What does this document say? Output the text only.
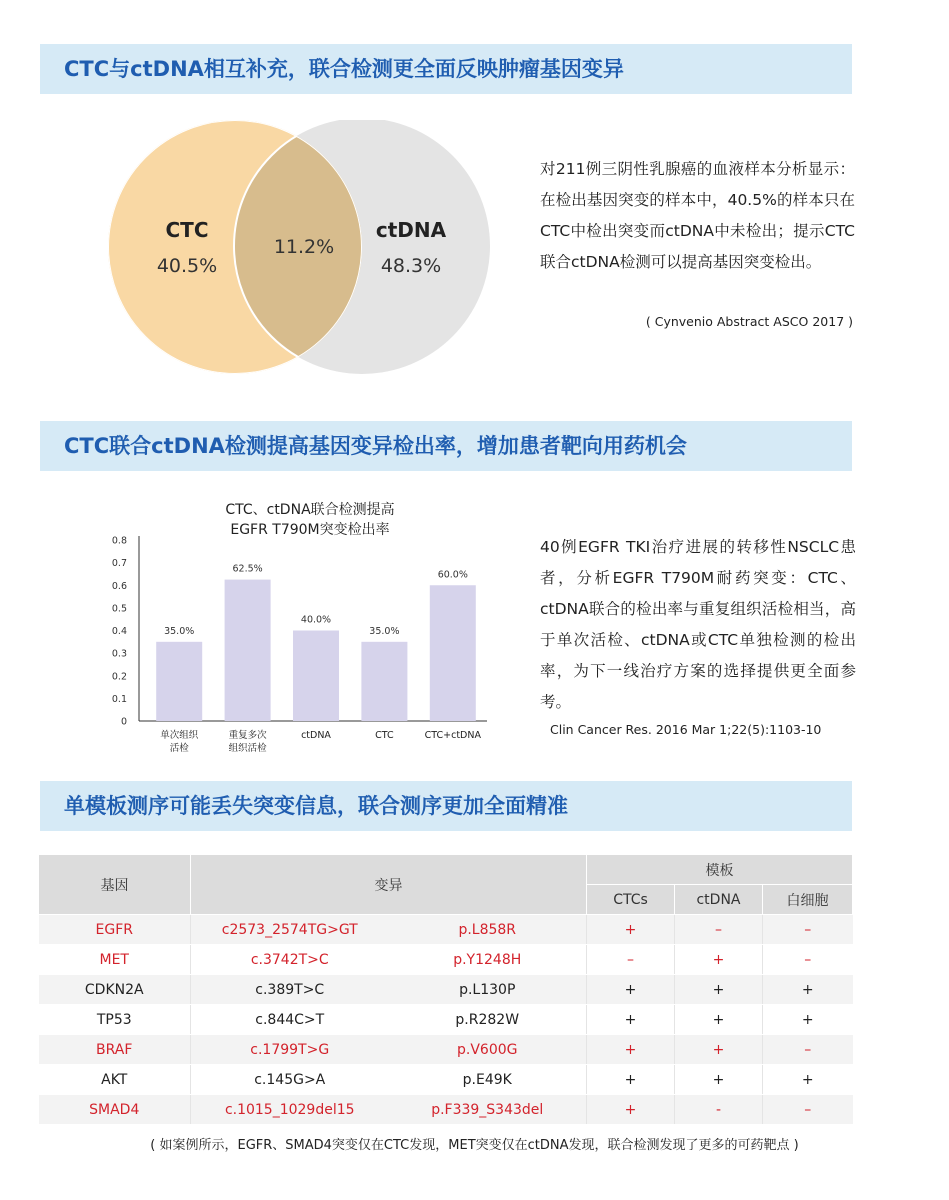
CTC与ctDNA相互补充，联合检测更全面反映肿瘤基因变异
CTC
40.5%
11.2%
ctDNA
48.3%
对211例三阴性乳腺癌的血液样本分析显示：在检出基因突变的样本中，40.5%的样本只在CTC中检出突变而ctDNA中未检出；提示CTC联合ctDNA检测可以提高基因突变检出。
( Cynvenio Abstract ASCO 2017 )
CTC联合ctDNA检测提高基因变异检出率，增加患者靶向用药机会
CTC、ctDNA联合检测提高
EGFR T790M突变检出率
0
0.1
0.2
0.3
0.4
0.5
0.6
0.7
0.8
35.0%
62.5%
40.0%
35.0%
60.0%
单次组织
活检
重复多次
组织活检
ctDNA	CTC	CTC+ctDNA
40例EGFR TKI治疗进展的转移性NSCLC患者，分析EGFR T790M耐药突变：CTC、ctDNA联合的检出率与重复组织活检相当，高于单次活检、ctDNA或CTC单独检测的检出率，为下一线治疗方案的选择提供更全面参考。
Clin Cancer Res. 2016 Mar 1;22(5):1103-10
单模板测序可能丢失突变信息，联合测序更加全面精准
基因	变异		模板		
			CTCs	ctDNA	白细胞
EGFR	c2573_2574TG>GT	p.L858R	+	–	–
MET	c.3742T>C	p.Y1248H	–	+	–
CDKN2A	c.389T>C	p.L130P	+	+	+
TP53	c.844C>T	p.R282W	+	+	+
BRAF	c.1799T>G	p.V600G	+	+	–
AKT	c.145G>A	p.E49K	+	+	+
SMAD4	c.1015_1029del15	p.F339_S343del	+	-	–
( 如案例所示，EGFR、SMAD4突变仅在CTC发现，MET突变仅在ctDNA发现，联合检测发现了更多的可药靶点 )
